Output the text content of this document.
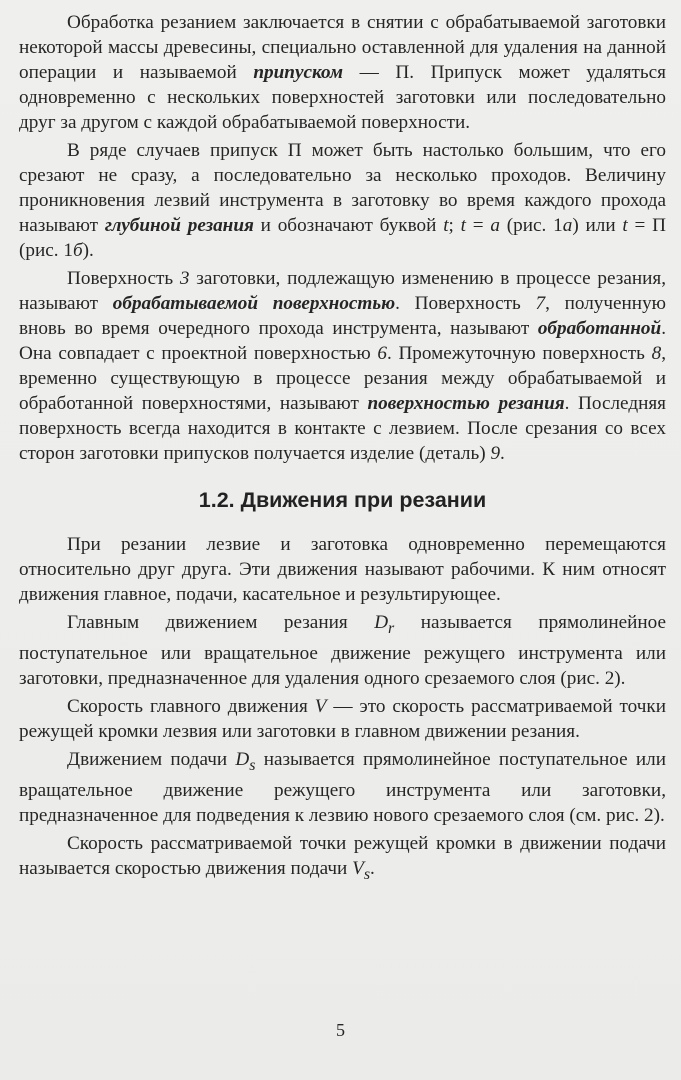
Обработка резанием заключается в снятии с обрабатываемой заготовки некоторой массы древесины, специально оставленной для удаления на данной операции и называемой припуском — П. Припуск может удаляться одновременно с нескольких поверхностей заготовки или последовательно друг за другом с каждой обрабатываемой поверхности.

В ряде случаев припуск П может быть настолько большим, что его срезают не сразу, а последовательно за несколько проходов. Величину проникновения лезвий инструмента в заготовку во время каждого прохода называют глубиной резания и обозначают буквой t; t = a (рис. 1a) или t = П (рис. 1б).

Поверхность 3 заготовки, подлежащую изменению в процессе резания, называют обрабатываемой поверхностью. Поверхность 7, полученную вновь во время очередного прохода инструмента, называют обработанной. Она совпадает с проектной поверхностью 6. Промежуточную поверхность 8, временно существующую в процессе резания между обрабатываемой и обработанной поверхностями, называют поверхностью резания. Последняя поверхность всегда находится в контакте с лезвием. После срезания со всех сторон заготовки припусков получается изделие (деталь) 9.

1.2. Движения при резании

При резании лезвие и заготовка одновременно перемещаются относительно друг друга. Эти движения называют рабочими. К ним относят движения главное, подачи, касательное и результирующее.

Главным движением резания $D_r$ называется прямолинейное поступательное или вращательное движение режущего инструмента или заготовки, предназначенное для удаления одного срезаемого слоя (рис. 2).

Скорость главного движения V — это скорость рассматриваемой точки режущей кромки лезвия или заготовки в главном движении резания.

Движением подачи $D_s$ называется прямолинейное поступательное или вращательное движение режущего инструмента или заготовки, предназначенное для подведения к лезвию нового срезаемого слоя (см. рис. 2).

Скорость рассматриваемой точки режущей кромки в движении подачи называется скоростью движения подачи $V_s$.

5
